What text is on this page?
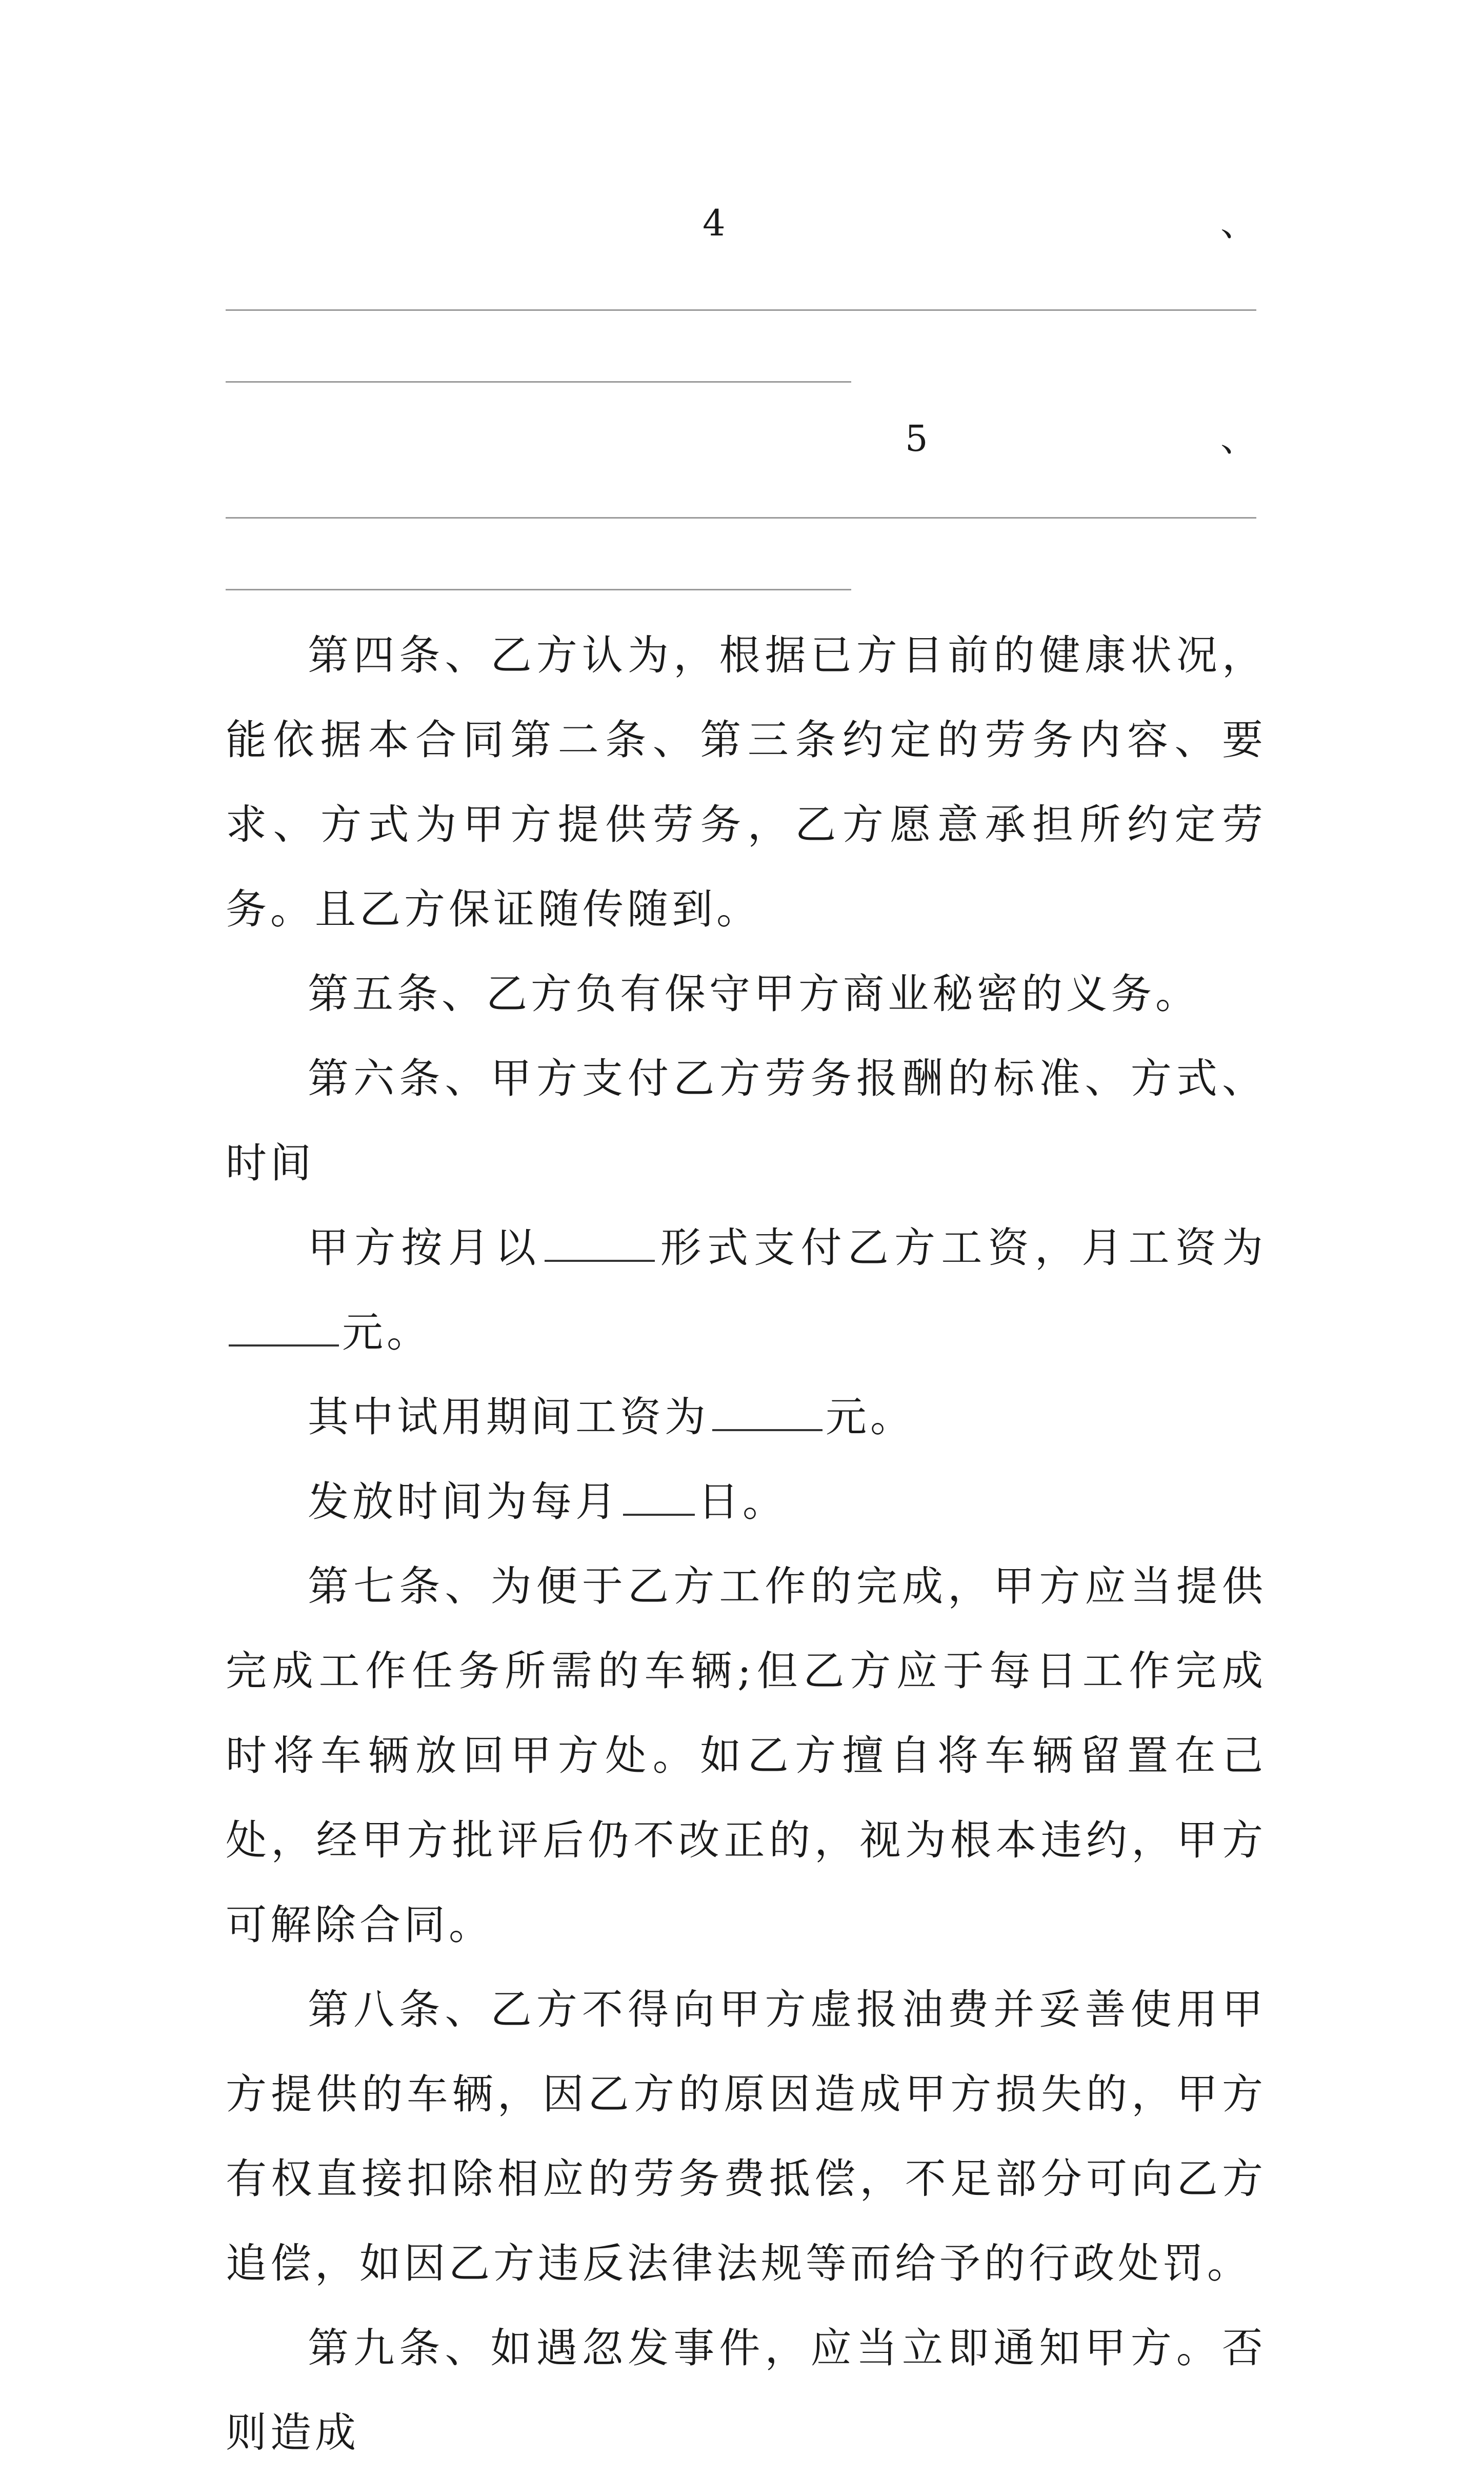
4	、
5	、

第四条、乙方认为，根据已方目前的健康状况，能依据本合同第二条、第三条约定的劳务内容、要求、方式为甲方提供劳务，乙方愿意承担所约定劳务。且乙方保证随传随到。

第五条、乙方负有保守甲方商业秘密的义务。

第六条、甲方支付乙方劳务报酬的标准、方式、时间

甲方按月以	形式支付乙方工资，月工资为元。

其中试用期间工资为	元。

发放时间为每月 日。

第七条、为便于乙方工作的完成，甲方应当提供完成工作任务所需的车辆;但乙方应于每日工作完成时将车辆放回甲方处。如乙方擅自将车辆留置在己处，经甲方批评后仍不改正的，视为根本违约，甲方可解除合同。

第八条、乙方不得向甲方虚报油费并妥善使用甲方提供的车辆，因乙方的原因造成甲方损失的，甲方有权直接扣除相应的劳务费抵偿，不足部分可向乙方追偿，如因乙方违反法律法规等而给予的行政处罚。

第九条、如遇忽发事件，应当立即通知甲方。否则造成
